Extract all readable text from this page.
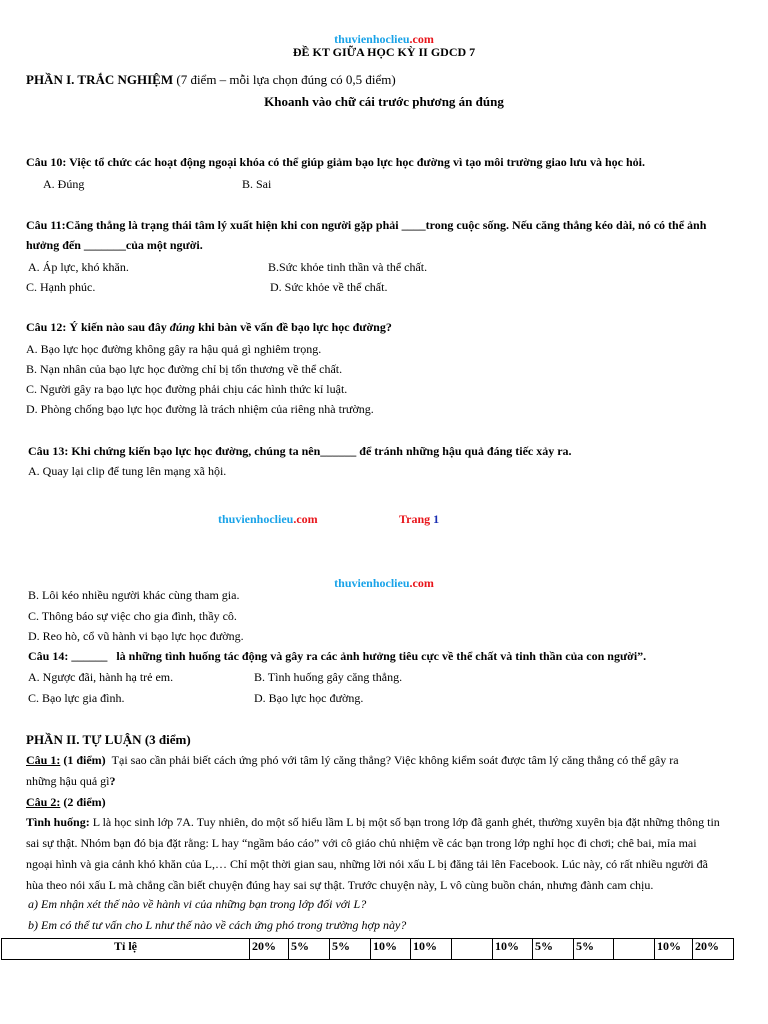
thuvienhoclieu.com
ĐỀ KT GIỮA HỌC KỲ II GDCD 7
PHẦN I. TRẮC NGHIỆM (7 điểm – mỗi lựa chọn đúng có 0,5 điểm)
Khoanh vào chữ cái trước phương án đúng
Câu 10: Việc tổ chức các hoạt động ngoại khóa có thể giúp giảm bạo lực học đường vì tạo môi trường giao lưu và học hỏi.
A. Đúng	B. Sai
Câu 11:Căng thẳng là trạng thái tâm lý xuất hiện khi con người gặp phải ____trong cuộc sống. Nếu căng thẳng kéo dài, nó có thể ảnh
hưởng đến _______của một người.
A. Áp lực, khó khăn.	B.Sức khỏe tinh thần và thể chất.
C. Hạnh phúc.	D. Sức khỏe về thể chất.
Câu 12: Ý kiến nào sau đây đúng khi bàn về vấn đề bạo lực học đường?
A. Bạo lực học đường không gây ra hậu quả gì nghiêm trọng.
B. Nạn nhân của bạo lực học đường chỉ bị tổn thương về thể chất.
C. Người gây ra bạo lực học đường phải chịu các hình thức kỉ luật.
D. Phòng chống bạo lực học đường là trách nhiệm của riêng nhà trường.
Câu 13: Khi chứng kiến bạo lực học đường, chúng ta nên______ để tránh những hậu quả đáng tiếc xảy ra.
A. Quay lại clip để tung lên mạng xã hội.
thuvienhoclieu.com	Trang 1
thuvienhoclieu.com
B. Lôi kéo nhiều người khác cùng tham gia.
C. Thông báo sự việc cho gia đình, thầy cô.
D. Reo hò, cổ vũ hành vi bạo lực học đường.
Câu 14: ______   là những tình huống tác động và gây ra các ảnh hưởng tiêu cực về thể chất và tinh thần của con người”.
A. Ngược đãi, hành hạ trẻ em.	B. Tình huống gây căng thẳng.
C. Bạo lực gia đình.	D. Bạo lực học đường.
PHẦN II. TỰ LUẬN (3 điểm)
Câu 1: (1 điểm) Tại sao cần phải biết cách ứng phó với tâm lý căng thẳng? Việc không kiểm soát được tâm lý căng thẳng có thể gây ra
những hậu quả gì?
Câu 2: (2 điểm)
Tình huống: L là học sinh lớp 7A. Tuy nhiên, do một số hiểu lầm L bị một số bạn trong lớp đã ganh ghét, thường xuyên bịa đặt những thông tin
sai sự thật. Nhóm bạn đó bịa đặt rằng: L hay “ngầm báo cáo” với cô giáo chủ nhiệm về các bạn trong lớp nghỉ học đi chơi; chê bai, mỉa mai
ngoại hình và gia cảnh khó khăn của L,… Chỉ một thời gian sau, những lời nói xấu L bị đăng tải lên Facebook. Lúc này, có rất nhiều người đã
hùa theo nói xấu L mà chẳng cần biết chuyện đúng hay sai sự thật. Trước chuyện này, L vô cùng buồn chán, nhưng đành cam chịu.
a) Em nhận xét thế nào về hành vi của những bạn trong lớp đối với L?
b) Em có thể tư vấn cho L như thế nào về cách ứng phó trong trường hợp này?
Tỉ lệ	20%	5%	5%	10%	10%		10%	5%	5%		10%	20%
